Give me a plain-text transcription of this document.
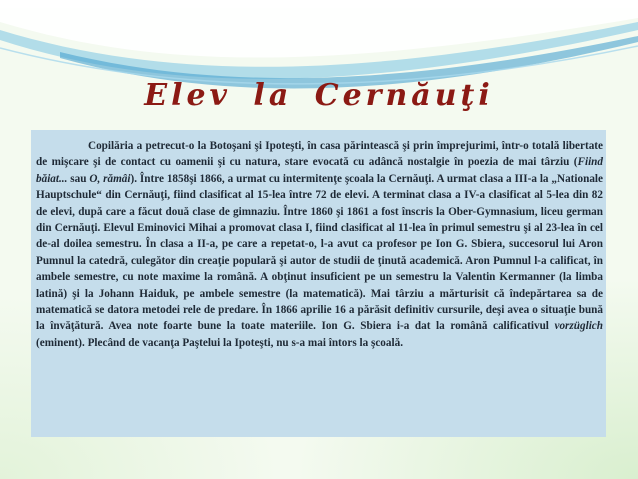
Elev la Cernăuţi

Copilăria a petrecut-o la Botoşani şi Ipoteşti, în casa părintească şi prin împrejurimi, într-o totală libertate de mişcare şi de contact cu oamenii şi cu natura, stare evocată cu adâncă nostalgie în poezia de mai târziu (Fiind băiat... sau O, rămâi). Între 1858şi 1866, a urmat cu intermitenţe şcoala la Cernăuţi. A urmat clasa a III-a la „Nationale Hauptschule“ din Cernăuţi, fiind clasificat al 15-lea între 72 de elevi. A terminat clasa a IV-a clasificat al 5-lea din 82 de elevi, după care a făcut două clase de gimnaziu. Între 1860 şi 1861 a fost înscris la Ober-Gymnasium, liceu german din Cernăuţi. Elevul Eminovici Mihai a promovat clasa I, fiind clasificat al 11-lea în primul semestru şi al 23-lea în cel de-al doilea semestru. În clasa a II-a, pe care a repetat-o, l-a avut ca profesor pe Ion G. Sbiera, succesorul lui Aron Pumnul la catedră, culegător din creaţie populară şi autor de studii de ţinută academică. Aron Pumnul l-a calificat, în ambele semestre, cu note maxime la română. A obţinut insuficient pe un semestru la Valentin Kermanner (la limba latină) şi la Johann Haiduk, pe ambele semestre (la matematică). Mai târziu a mărturisit că îndepărtarea sa de matematică se datora metodei rele de predare. În 1866 aprilie 16 a părăsit definitiv cursurile, deşi avea o situaţie bună la învăţătură. Avea note foarte bune la toate materiile. Ion G. Sbiera i-a dat la română calificativul vorzüglich (eminent). Plecând de vacanţa Paştelui la Ipoteşti, nu s-a mai întors la şcoală.
